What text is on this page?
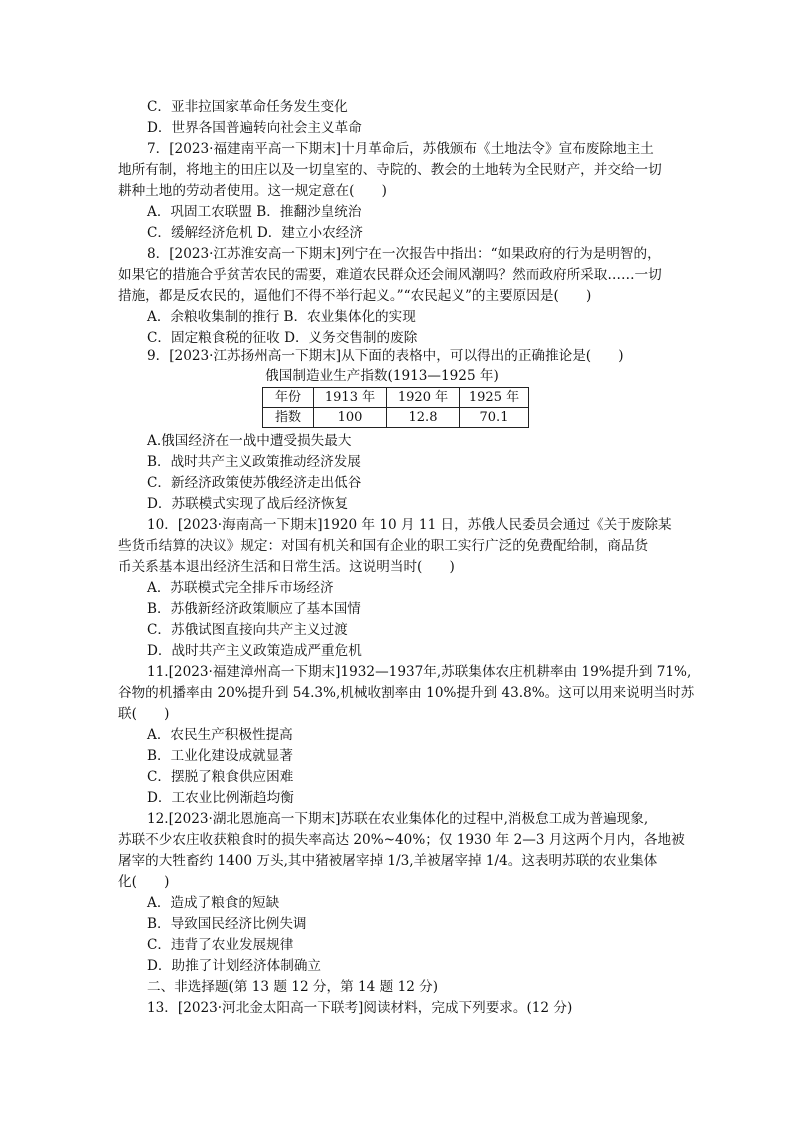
C．亚非拉国家革命任务发生变化
D．世界各国普遍转向社会主义革命
7．[2023·福建南平高一下期末]十月革命后，苏俄颁布《土地法令》宣布废除地主土
地所有制，将地主的田庄以及一切皇室的、寺院的、教会的土地转为全民财产，并交给一切
耕种土地的劳动者使用。这一规定意在(　　)
A．巩固工农联盟 B．推翻沙皇统治
C．缓解经济危机 D．建立小农经济
8．[2023·江苏淮安高一下期末]列宁在一次报告中指出：“如果政府的行为是明智的，
如果它的措施合乎贫苦农民的需要，难道农民群众还会闹风潮吗？然而政府所采取……一切
措施，都是反农民的，逼他们不得不举行起义。”“农民起义”的主要原因是(　　)
A．余粮收集制的推行 B．农业集体化的实现
C．固定粮食税的征收 D．义务交售制的废除
9．[2023·江苏扬州高一下期末]从下面的表格中，可以得出的正确推论是(　　)
俄国制造业生产指数(1913—1925 年)
年份	1913 年	1920 年	1925 年
指数	100	12.8	70.1
A.俄国经济在一战中遭受损失最大
B．战时共产主义政策推动经济发展
C．新经济政策使苏俄经济走出低谷
D．苏联模式实现了战后经济恢复
10．[2023·海南高一下期末]1920 年 10 月 11 日，苏俄人民委员会通过《关于废除某
些货币结算的决议》规定：对国有机关和国有企业的职工实行广泛的免费配给制，商品货
币关系基本退出经济生活和日常生活。这说明当时(　　)
A．苏联模式完全排斥市场经济
B．苏俄新经济政策顺应了基本国情
C．苏俄试图直接向共产主义过渡
D．战时共产主义政策造成严重危机
11.[2023·福建漳州高一下期末]1932—1937年,苏联集体农庄机耕率由 19%提升到 71%,
谷物的机播率由 20%提升到 54.3%,机械收割率由 10%提升到 43.8%。这可以用来说明当时苏
联(　　)
A．农民生产积极性提高
B．工业化建设成就显著
C．摆脱了粮食供应困难
D．工农业比例渐趋均衡
12.[2023·湖北恩施高一下期末]苏联在农业集体化的过程中,消极怠工成为普遍现象,
苏联不少农庄收获粮食时的损失率高达 20%~40%；仅 1930 年 2—3 月这两个月内，各地被
屠宰的大牲畜约 1400 万头,其中猪被屠宰掉 1/3,羊被屠宰掉 1/4。这表明苏联的农业集体
化(　　)
A．造成了粮食的短缺
B．导致国民经济比例失调
C．违背了农业发展规律
D．助推了计划经济体制确立
二、非选择题(第 13 题 12 分，第 14 题 12 分)
13．[2023·河北金太阳高一下联考]阅读材料，完成下列要求。(12 分)
